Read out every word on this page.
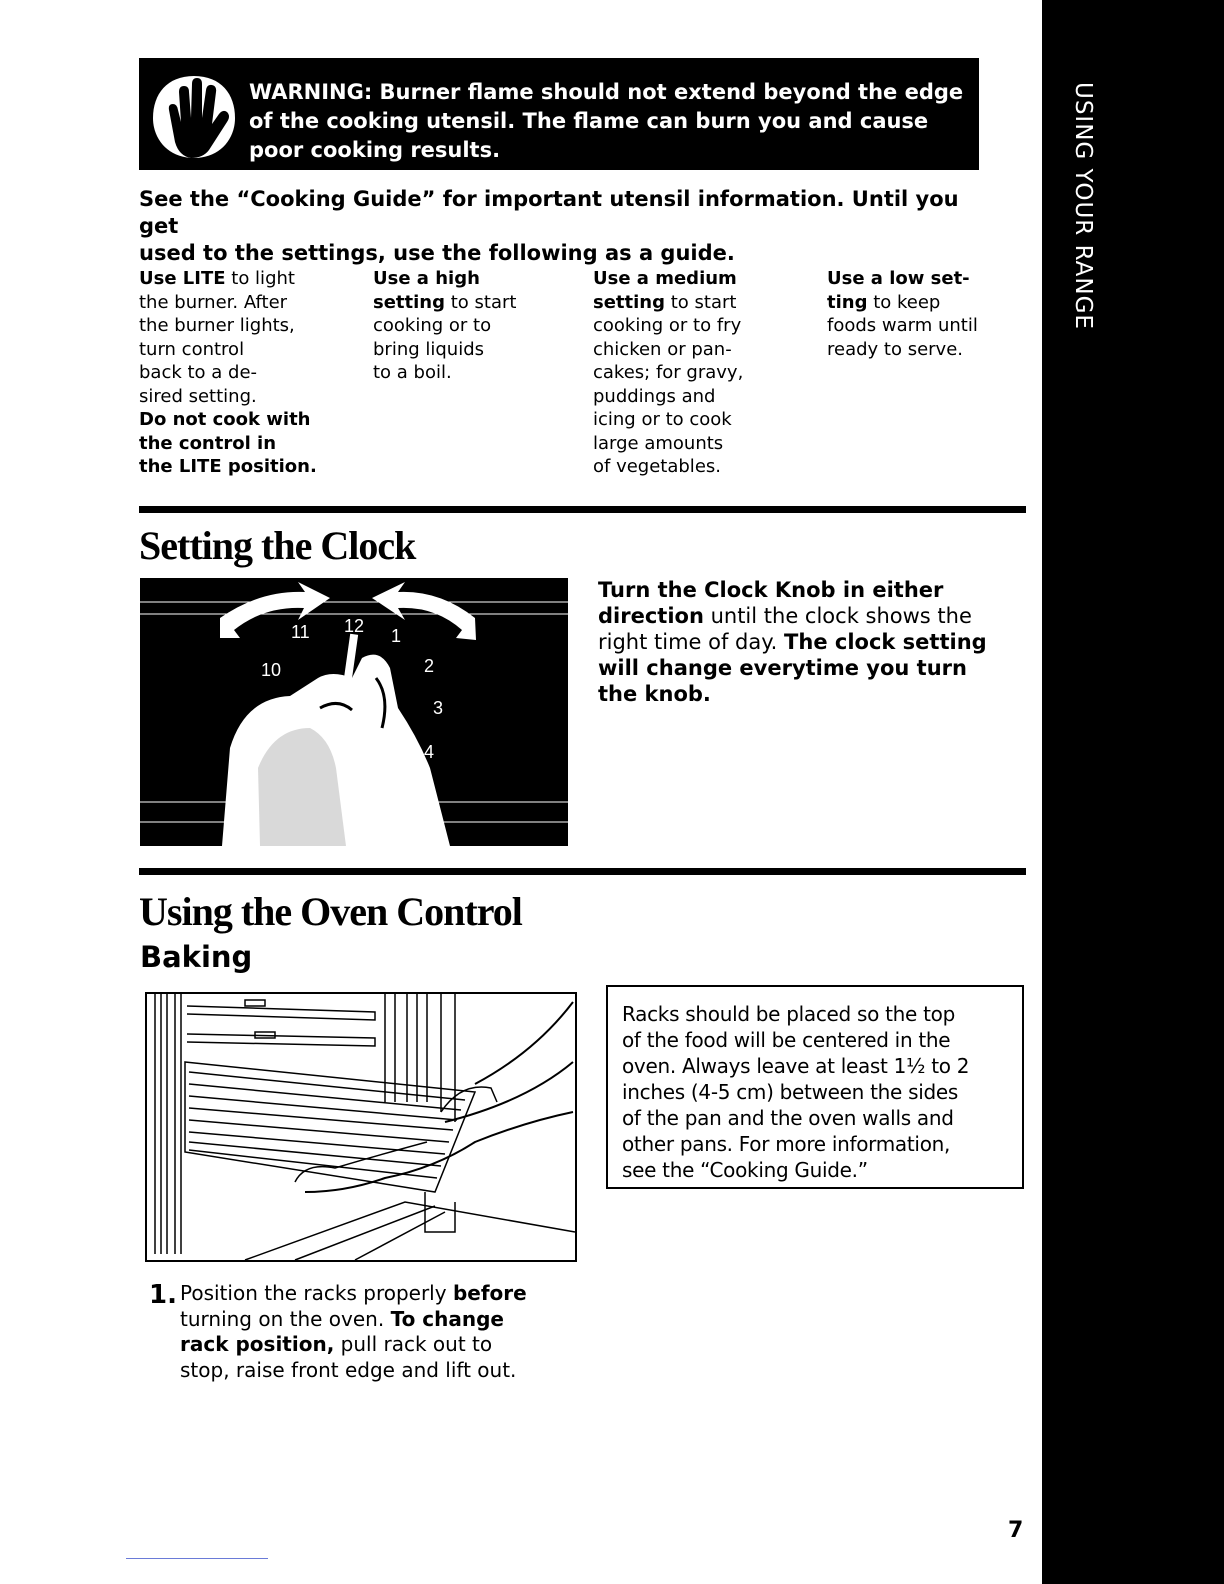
USING YOUR RANGE
WARNING: Burner flame should not extend beyond the edge
of the cooking utensil. The flame can burn you and cause
poor cooking results.
See the “Cooking Guide” for important utensil information. Until you get
used to the settings, use the following as a guide.
Use LITE to light
the burner. After
the burner lights,
turn control
back to a de-
sired setting.
Do not cook with
the control in
the LITE position.
Use a high
setting to start
cooking or to
bring liquids
to a boil.
Use a medium
setting to start
cooking or to fry
chicken or pan-
cakes; for gravy,
puddings and
icing or to cook
large amounts
of vegetables.
Use a low set-
ting to keep
foods warm until
ready to serve.
Setting the Clock
11 12 1
2
3
4
9
10
Turn the Clock Knob in either
direction until the clock shows the
right time of day. The clock setting
will change everytime you turn
the knob.
Using the Oven Control
Baking
Racks should be placed so the top
of the food will be centered in the
oven. Always leave at least 1½ to 2
inches (4-5 cm) between the sides
of the pan and the oven walls and
other pans. For more information,
see the “Cooking Guide.”
1. Position the racks properly before
turning on the oven. To change
rack position, pull rack out to
stop, raise front edge and lift out.
7
